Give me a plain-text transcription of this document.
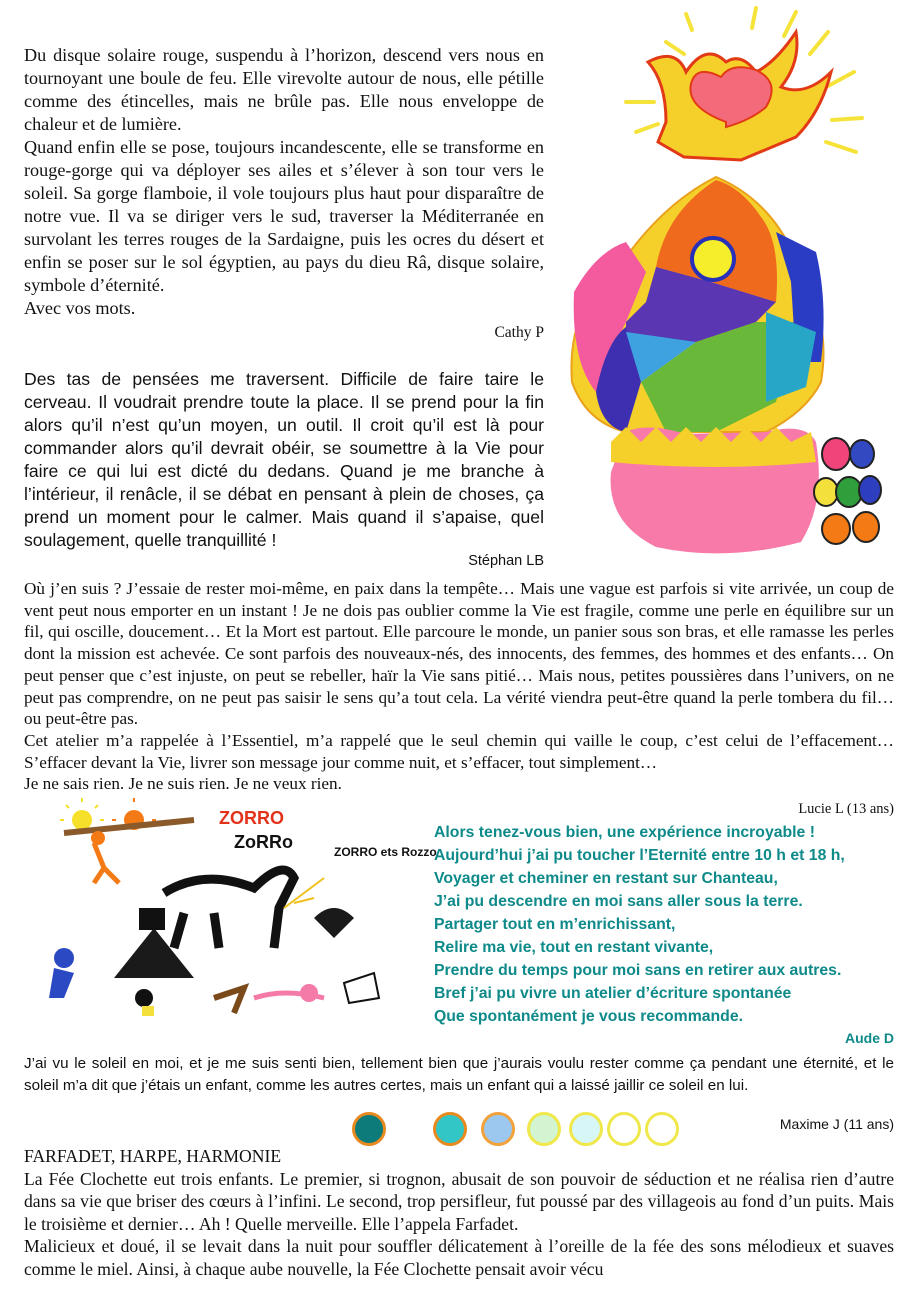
Du disque solaire rouge, suspendu à l’horizon, descend vers nous en tournoyant une boule de feu. Elle virevolte autour de nous, elle pétille comme des étincelles, mais ne brûle pas. Elle nous enveloppe de chaleur et de lumière.

Quand enfin elle se pose, toujours incandescente, elle se transforme en rouge-gorge qui va déployer ses ailes et s’élever à son tour vers le soleil. Sa gorge flamboie, il vole toujours plus haut pour disparaître de notre vue. Il va se diriger vers le sud, traverser la Méditerranée en survolant les terres rouges de la Sardaigne, puis les ocres du désert et enfin se poser sur le sol égyptien, au pays du dieu Râ, disque solaire, symbole d’éternité.

Avec vos mots.

Cathy P

Des tas de pensées me traversent. Difficile de faire taire le cerveau. Il voudrait prendre toute la place. Il se prend pour la fin alors qu’il n’est qu’un moyen, un outil. Il croit qu’il est là pour commander alors qu’il devrait obéir, se soumettre à la Vie pour faire ce qui lui est dicté du dedans. Quand je me branche à l’intérieur, il renâcle, il se débat en pensant à plein de choses, ça prend un moment pour le calmer. Mais quand il s’apaise, quel soulagement, quelle tranquillité !

Stéphan LB

Où j’en suis ? J’essaie de rester moi-même, en paix dans la tempête… Mais une vague est parfois si vite arrivée, un coup de vent peut nous emporter en un instant ! Je ne dois pas oublier comme la Vie est fragile, comme une perle en équilibre sur un fil, qui oscille, doucement… Et la Mort est partout. Elle parcoure le monde, un panier sous son bras, et elle ramasse les perles dont la mission est achevée. Ce sont parfois des nouveaux-nés, des innocents, des femmes, des hommes et des enfants… On peut penser que c’est injuste, on peut se rebeller, haïr la Vie sans pitié… Mais nous, petites poussières dans l’univers, on ne peut pas comprendre, on ne peut pas saisir le sens qu’a tout cela. La vérité viendra peut-être quand la perle tombera du fil… ou peut-être pas.

Cet atelier m’a rappelée à l’Essentiel, m’a rappelé que le seul chemin qui vaille le coup, c’est celui de l’effacement… S’effacer devant la Vie, livrer son message jour comme nuit, et s’effacer, tout simplement…

Je ne sais rien. Je ne suis rien. Je ne veux rien.

Lucie L (13 ans)

ZORRO
ZoRRo	ZORRO ets Rozzo

Alors tenez-vous bien, une expérience incroyable !

Aujourd’hui j’ai pu toucher l’Eternité entre 10 h et 18 h,

Voyager et cheminer en restant sur Chanteau,

J’ai pu descendre en moi sans aller sous la terre.

Partager tout en m’enrichissant,

Relire ma vie, tout en restant vivante,

Prendre du temps pour moi sans en retirer aux autres.

Bref j’ai pu vivre un atelier d’écriture spontanée

Que spontanément je vous recommande.

Aude D

J’ai vu le soleil en moi, et je me suis senti bien, tellement bien que j’aurais voulu rester comme ça pendant une éternité, et le soleil m’a dit que j’étais un enfant, comme les autres certes, mais un enfant qui a laissé jaillir ce soleil en lui.

Maxime J (11 ans)

FARFADET, HARPE, HARMONIE

La Fée Clochette eut trois enfants. Le premier, si trognon, abusait de son pouvoir de séduction et ne réalisa rien d’autre dans sa vie que briser des cœurs à l’infini. Le second, trop persifleur, fut poussé par des villageois au fond d’un puits. Mais le troisième et dernier… Ah ! Quelle merveille. Elle l’appela Farfadet.

Malicieux et doué, il se levait dans la nuit pour souffler délicatement à l’oreille de la fée des sons mélodieux et suaves comme le miel. Ainsi, à chaque aube nouvelle, la Fée Clochette pensait avoir vécu
